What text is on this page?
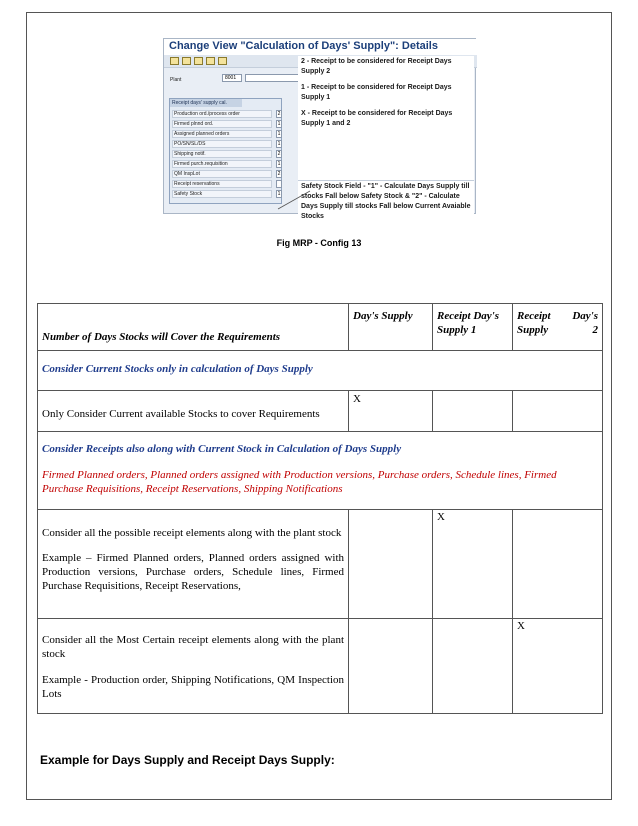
Change View "Calculation of Days' Supply": Details
Plant	8001
Receipt days' supply cal.
Production ord./process order	2
Firmed plnnd ord.	1
Assigned planned orders	1
PO/SN/SL/DS	1
Shipping notif.	2
Firmed purch.requisition	1
QM InspLot	2
Receipt reservations
Safety Stock	1

2 - Receipt to be considered for Receipt Days Supply 2

1 - Receipt to be considered for Receipt Days Supply 1

X - Receipt to be considered for Receipt Days Supply 1 and 2

Safety Stock Field - "1" - Calculate Days Supply till stocks Fall below Safety Stock & "2" - Calculate Days Supply till stocks Fall below Current Avaiable Stocks
Fig MRP - Config 13
Number of Days Stocks will Cover the Requirements	Day's Supply	Receipt Day's Supply 1	Receipt Day's Supply 2
Consider Current Stocks only in calculation of Days Supply			
Only Consider Current available Stocks to cover Requirements	X		
Consider Receipts also along with Current Stock in Calculation of Days Supply
Firmed Planned orders, Planned orders assigned with Production versions, Purchase orders, Schedule lines, Firmed Purchase Requisitions, Receipt Reservations, Shipping Notifications			

Consider all the possible receipt elements along with the plant stock
Example – Firmed Planned orders, Planned orders assigned with Production versions, Purchase orders, Schedule lines, Firmed Purchase Requisitions, Receipt Reservations,		X	

Consider all the Most Certain receipt elements along with the plant stock
Example - Production order, Shipping Notifications, QM Inspection Lots			X
Example for Days Supply and Receipt Days Supply:
